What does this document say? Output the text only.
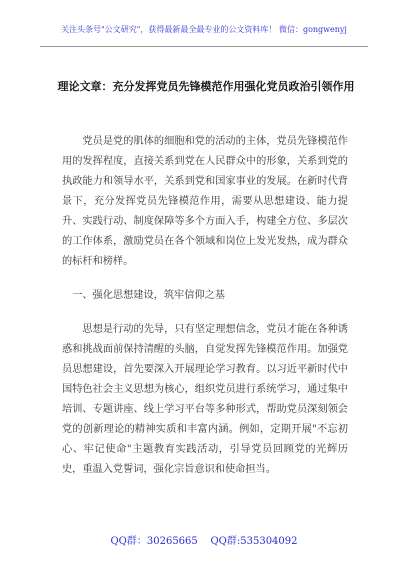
关注头条号"公文研究"，获得最新最全最专业的公文资料库！ 微信：gongwenyj
理论文章：充分发挥党员先锋模范作用强化党员政治引领作用

党员是党的肌体的细胞和党的活动的主体，党员先锋模范作用的发挥程度，直接关系到党在人民群众中的形象，关系到党的执政能力和领导水平，关系到党和国家事业的发展。在新时代背景下，充分发挥党员先锋模范作用，需要从思想建设、能力提升、实践行动、制度保障等多个方面入手，构建全方位、多层次的工作体系，激励党员在各个领域和岗位上发光发热，成为群众的标杆和榜样。

一、强化思想建设，筑牢信仰之基

思想是行动的先导，只有坚定理想信念，党员才能在各种诱惑和挑战面前保持清醒的头脑，自觉发挥先锋模范作用。加强党员思想建设，首先要深入开展理论学习教育。以习近平新时代中国特色社会主义思想为核心，组织党员进行系统学习，通过集中培训、专题讲座、线上学习平台等多种形式，帮助党员深刻领会党的创新理论的精神实质和丰富内涵。例如，定期开展"不忘初心、牢记使命"主题教育实践活动，引导党员回顾党的光辉历史，重温入党誓词，强化宗旨意识和使命担当。

QQ群：30265665    QQ群:535304092
